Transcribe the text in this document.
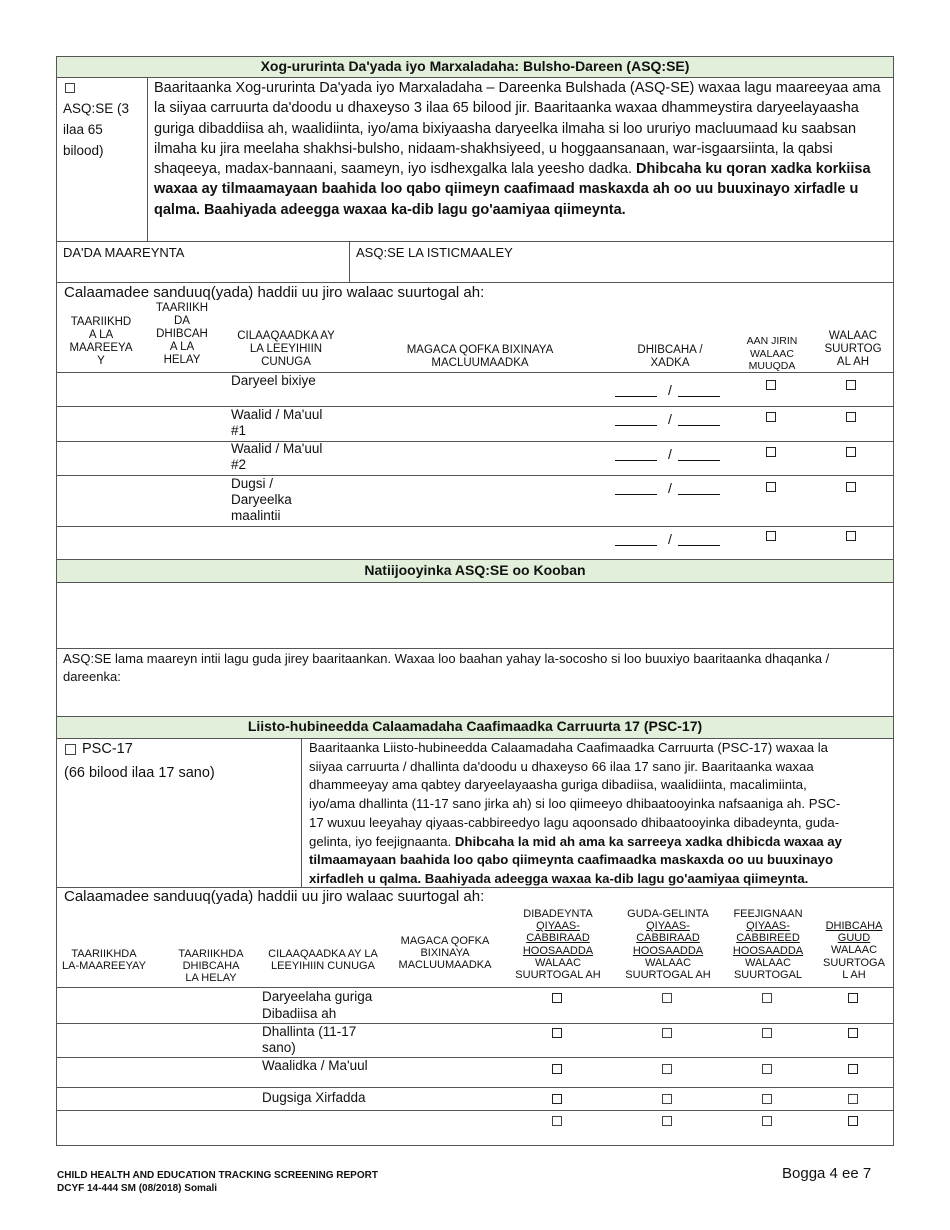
Xog-ururinta Da'yada iyo Marxaladaha: Bulsho-Dareen (ASQ:SE)
ASQ:SE (3
ilaa 65
bilood)
Baaritaanka Xog-ururinta Da'yada iyo Marxaladaha – Dareenka Bulshada (ASQ-SE) waxaa lagu maareeyaa ama la siiyaa carruurta da'doodu u dhaxeyso 3 ilaa 65 bilood jir. Baaritaanka waxaa dhammeystira daryeelayaasha guriga dibaddiisa ah, waalidiinta, iyo/ama bixiyaasha daryeelka ilmaha si loo ururiyo macluumaad ku saabsan ilmaha ku jira meelaha shakhsi-bulsho, nidaam-shakhsiyeed, u hoggaansanaan, war-isgaarsiinta, la qabsi shaqeeya, madax-bannaani, saameyn, iyo isdhexgalka lala yeesho dadka. Dhibcaha ku qoran xadka korkiisa waxaa ay tilmaamayaan baahida loo qabo qiimeyn caafimaad maskaxda ah oo uu buuxinayo xirfadle u qalma. Baahiyada adeegga waxaa ka-dib lagu go'aamiyaa qiimeynta.
DA'DA MAAREYNTA	ASQ:SE LA ISTICMAALEY
Calaamadee sanduuq(yada) haddii uu jiro walaac suurtogal ah:
TAARIIKHD
A LA
MAAREEYA
Y
TAARIIKH
DA
DHIBCAH
A LA
HELAY
CILAAQAADKA AY
LA LEEYIHIIN
CUNUGA
MAGACA QOFKA BIXINAYA
MACLUUMAADKA
DHIBCAHA /
XADKA
AAN JIRIN
WALAAC
MUUQDA
WALAAC
SUURTOG
AL AH
Daryeel bixiye
/
Waalid / Ma'uul
#1
/
Waalid / Ma'uul
#2
/
Dugsi /
Daryeelka
maalintii
/
/
Natiijooyinka ASQ:SE oo Kooban
ASQ:SE lama maareyn intii lagu guda jirey baaritaankan. Waxaa loo baahan yahay la-socosho si loo buuxiyo baaritaanka dhaqanka / dareenka:
Liisto-hubineedda Calaamadaha Caafimaadka Carruurta 17 (PSC-17)
PSC-17
(66 bilood ilaa 17 sano)
Baaritaanka Liisto-hubineedda Calaamadaha Caafimaadka Carruurta (PSC-17) waxaa la
siiyaa carruurta / dhallinta da'doodu u dhaxeyso 66 ilaa 17 sano jir. Baaritaanka waxaa
dhammeeyay ama qabtey daryeelayaasha guriga dibadiisa, waalidiinta, macalimiinta,
iyo/ama dhallinta (11-17 sano jirka ah) si loo qiimeeyo dhibaatooyinka nafsaaniga ah. PSC-
17 wuxuu leeyahay qiyaas-cabbireedyo lagu aqoonsado dhibaatooyinka dibadeynta, guda-
gelinta, iyo feejignaanta. Dhibcaha la mid ah ama ka sarreeya xadka dhibicda waxaa ay
tilmaamayaan baahida loo qabo qiimeynta caafimaadka maskaxda oo uu buuxinayo
xirfadleh u qalma. Baahiyada adeegga waxaa ka-dib lagu go'aamiyaa qiimeynta.
Calaamadee sanduuq(yada) haddii uu jiro walaac suurtogal ah:
TAARIIKHDA
LA-MAAREEYAY
TAARIIKHDA
DHIBCAHA
LA HELAY
CILAAQAADKA AY LA
LEEYIHIIN CUNUGA
MAGACA QOFKA
BIXINAYA
MACLUUMAADKA
DIBADEYNTA
QIYAAS-
CABBIRAAD
HOOSAADDA
WALAAC
SUURTOGAL AH
GUDA-GELINTA
QIYAAS-
CABBIRAAD
HOOSAADDA
WALAAC
SUURTOGAL AH
FEEJIGNAAN
QIYAAS-
CABBIREED
HOOSAADDA
WALAAC
SUURTOGAL
DHIBCAHA
GUUD
WALAAC
SUURTOGA
L AH
Daryeelaha guriga
Dibadiisa ah
Dhallinta (11-17
sano)
Waalidka / Ma'uul
Dugsiga Xirfadda
CHILD HEALTH AND EDUCATION TRACKING SCREENING REPORT
DCYF 14-444 SM (08/2018) Somali
Bogga 4 ee 7
